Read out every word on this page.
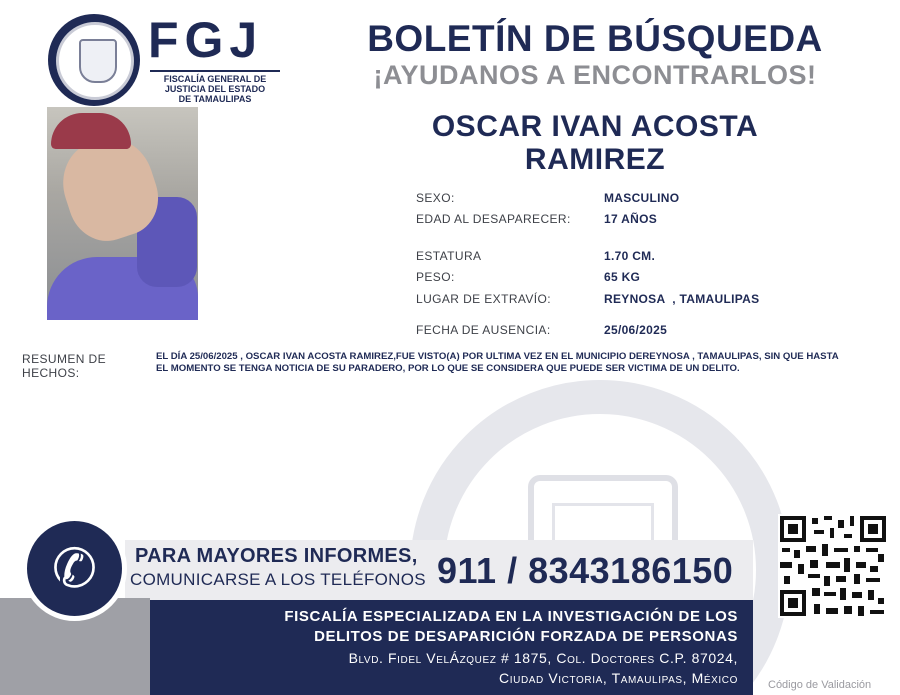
FGJ
FISCALÍA GENERAL DE
JUSTICIA DEL ESTADO
DE TAMAULIPAS
BOLETÍN DE BÚSQUEDA
¡AYUDANOS A ENCONTRARLOS!
OSCAR IVAN ACOSTA
RAMIREZ
SEXO:	MASCULINO
EDAD AL DESAPARECER:	17 AÑOS
ESTATURA	1.70 CM.
PESO:	65 KG
LUGAR DE EXTRAVÍO:	REYNOSA  , TAMAULIPAS
FECHA DE AUSENCIA:	25/06/2025
RESUMEN DE
HECHOS:
EL DÍA 25/06/2025 , OSCAR IVAN ACOSTA RAMIREZ,FUE VISTO(A) POR ULTIMA VEZ EN EL MUNICIPIO DEREYNOSA , TAMAULIPAS, SIN QUE HASTA EL MOMENTO SE TENGA NOTICIA DE SU PARADERO, POR LO QUE SE CONSIDERA QUE PUEDE SER VICTIMA DE UN DELITO.
✆	PARA MAYORES INFORMES,
COMUNICARSE A LOS TELÉFONOS 911 / 8343186150
FISCALÍA ESPECIALIZADA EN LA INVESTIGACIÓN DE LOS
DELITOS DE DESAPARICIÓN FORZADA DE PERSONAS
Blvd. Fidel VelÁzquez # 1875, Col. Doctores C.P. 87024,
Ciudad Victoria, Tamaulipas, México	Código de Validación
